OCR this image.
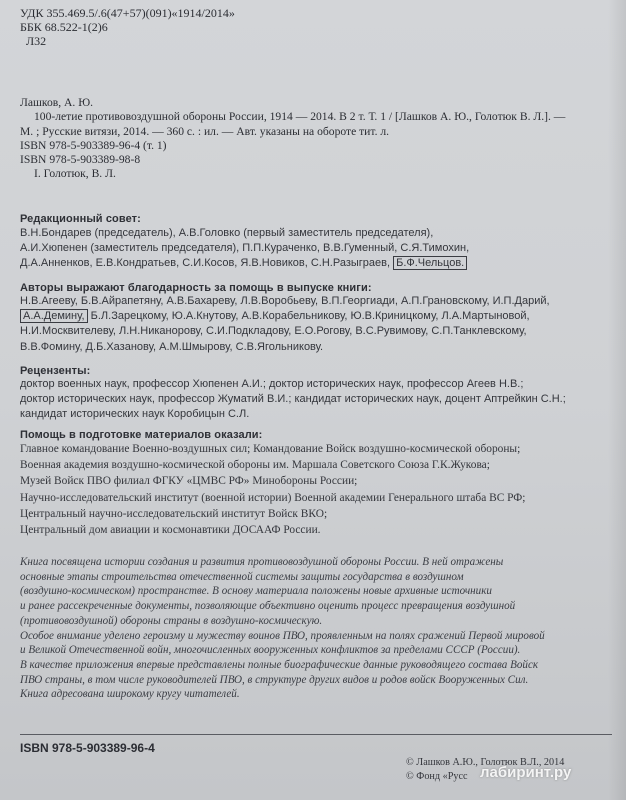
УДК 355.469.5/.6(47+57)(091)«1914/2014»
ББК 68.522-1(2)6
Л32
Лашков, А. Ю.
100-летие противовоздушной обороны России, 1914 — 2014. В 2 т. Т. 1 / [Лашков А. Ю., Голотюк В. Л.]. —
М. ; Русские витязи, 2014. — 360 с. : ил. — Авт. указаны на обороте тит. л.
ISBN 978-5-903389-96-4 (т. 1)
ISBN 978-5-903389-98-8
I. Голотюк, В. Л.
Редакционный совет:
В.Н.Бондарев (председатель), А.В.Головко (первый заместитель председателя),
А.И.Хюпенен (заместитель председателя), П.П.Кураченко, В.В.Гуменный, С.Я.Тимохин,
Д.А.Анненков, Е.В.Кондратьев, С.И.Косов, Я.В.Новиков, С.Н.Разыграев, Б.Ф.Чельцов.
Авторы выражают благодарность за помощь в выпуске книги:
Н.В.Агееву, Б.В.Айрапетяну, А.В.Бахареву, Л.В.Воробьеву, В.П.Георгиади, А.П.Грановскому, И.П.Дарий,
А.А.Демину, Б.Л.Зарецкому, Ю.А.Кнутову, А.В.Корабельникову, Ю.В.Криницкому, Л.А.Мартыновой,
Н.И.Москвителеву, Л.Н.Никанорову, С.И.Подкладову, Е.О.Рогову, В.С.Рувимову, С.П.Танклевскому,
В.В.Фомину, Д.Б.Хазанову, А.М.Шмырову, С.В.Ягольникову.
Рецензенты:
доктор военных наук, профессор Хюпенен А.И.; доктор исторических наук, профессор Агеев Н.В.;
доктор исторических наук, профессор Жуматий В.И.; кандидат исторических наук, доцент Аптрейкин С.Н.;
кандидат исторических наук Коробицын С.Л.
Помощь в подготовке материалов оказали:
Главное командование Военно-воздушных сил; Командование Войск воздушно-космической обороны;
Военная академия воздушно-космической обороны им. Маршала Советского Союза Г.К.Жукова;
Музей Войск ПВО филиал ФГКУ «ЦМВС РФ» Минобороны России;
Научно-исследовательский институт (военной истории) Военной академии Генерального штаба ВС РФ;
Центральный научно-исследовательский институт Войск ВКО;
Центральный дом авиации и космонавтики ДОСААФ России.
Книга посвящена истории создания и развития противовоздушной обороны России. В ней отражены
основные этапы строительства отечественной системы защиты государства в воздушном
(воздушно-космическом) пространстве. В основу материала положены новые архивные источники
и ранее рассекреченные документы, позволяющие объективно оценить процесс превращения воздушной
(противовоздушной) обороны страны в воздушно-космическую.
Особое внимание уделено героизму и мужеству воинов ПВО, проявленным на полях сражений Первой мировой
и Великой Отечественной войн, многочисленных вооруженных конфликтов за пределами СССР (России).
В качестве приложения впервые представлены полные биографические данные руководящего состава Войск
ПВО страны, в том числе руководителей ПВО, в структуре других видов и родов войск Вооруженных Сил.
Книга адресована широкому кругу читателей.
ISBN 978-5-903389-96-4
© Лашков А.Ю., Голотюк В.Л., 2014
© Фонд «Русс лабиринт.ру
